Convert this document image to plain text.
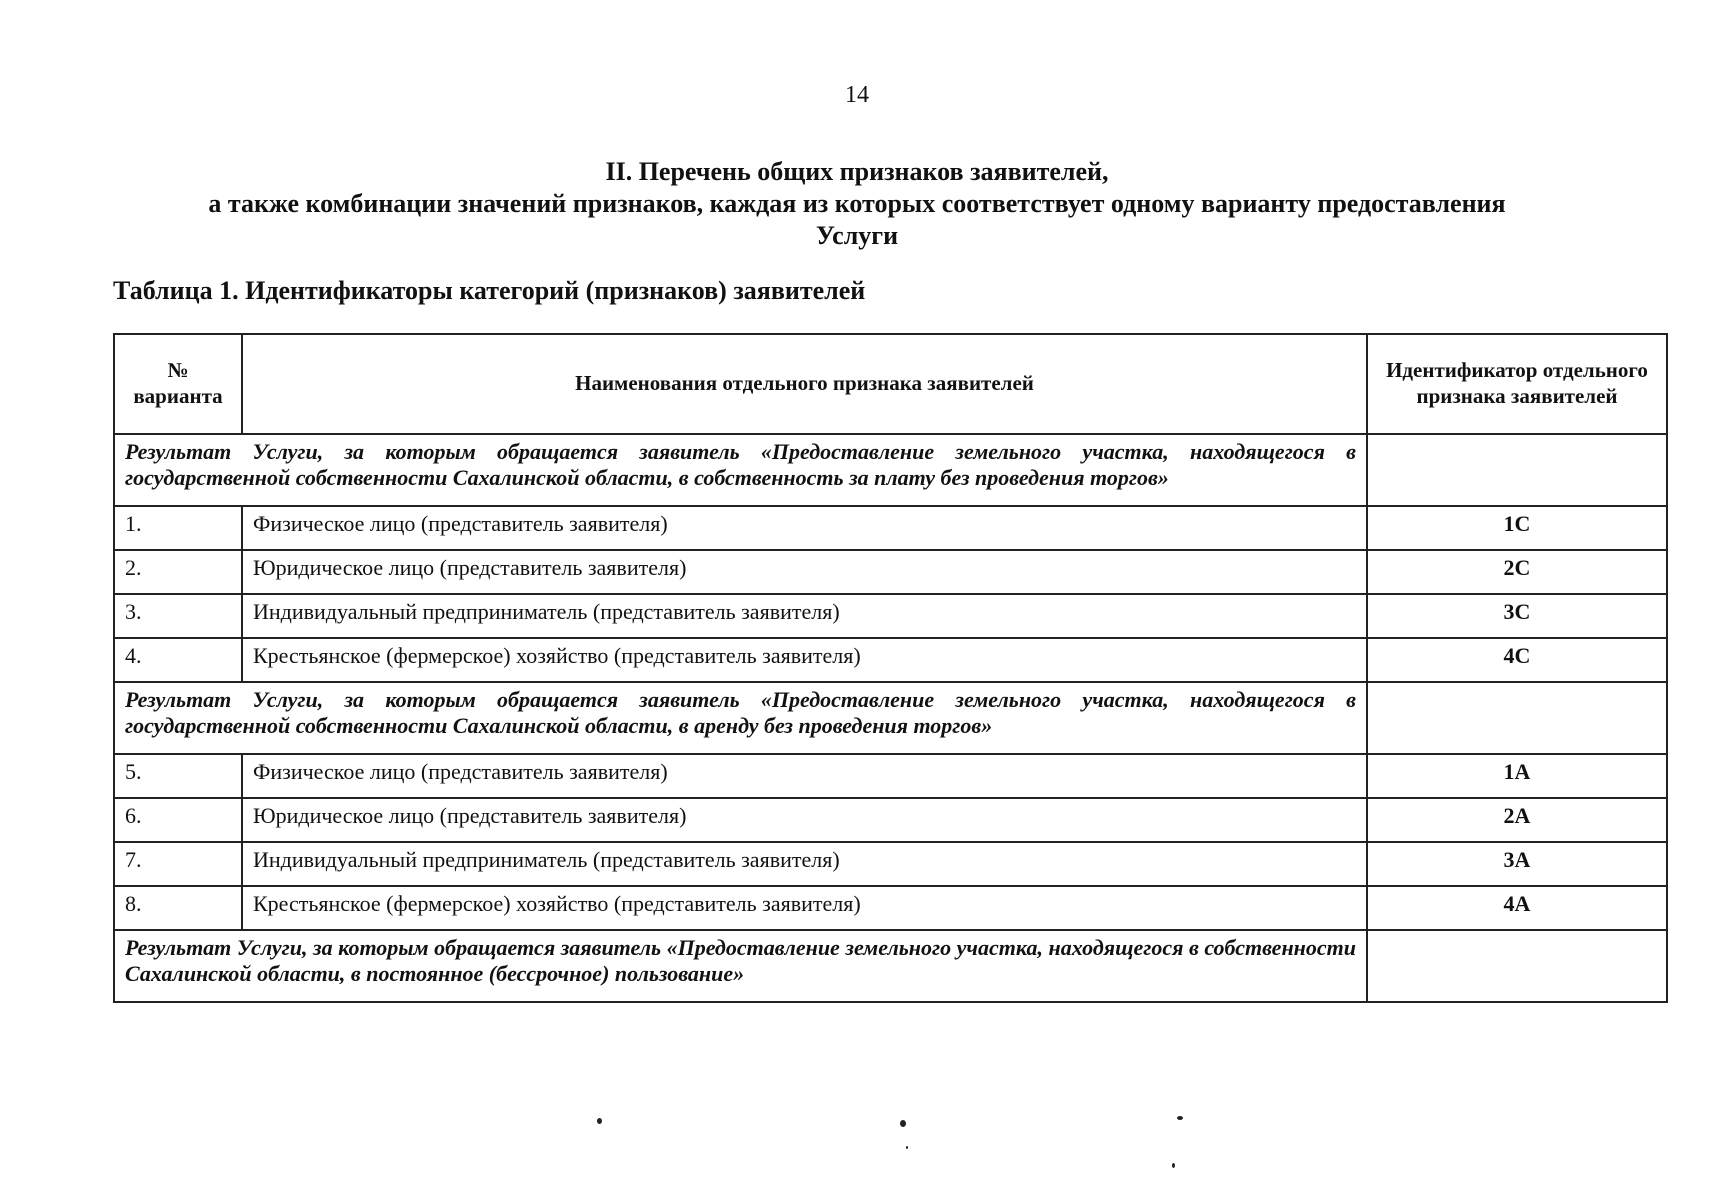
14
II. Перечень общих признаков заявителей,
а также комбинации значений признаков, каждая из которых соответствует одному варианту предоставления
Услуги
Таблица 1. Идентификаторы категорий (признаков) заявителей
№ варианта	Наименования отдельного признака заявителей	Идентификатор отдельного признака заявителей
Результат Услуги, за которым обращается заявитель «Предоставление земельного участка, находящегося в государственной собственности Сахалинской области, в собственность за плату без проведения торгов»		
1.	Физическое лицо (представитель заявителя)	1С
2.	Юридическое лицо (представитель заявителя)	2С
3.	Индивидуальный предприниматель (представитель заявителя)	3С
4.	Крестьянское (фермерское) хозяйство (представитель заявителя)	4С
Результат Услуги, за которым обращается заявитель «Предоставление земельного участка, находящегося в государственной собственности Сахалинской области, в аренду без проведения торгов»		
5.	Физическое лицо (представитель заявителя)	1А
6.	Юридическое лицо (представитель заявителя)	2А
7.	Индивидуальный предприниматель (представитель заявителя)	3А
8.	Крестьянское (фермерское) хозяйство (представитель заявителя)	4А
Результат Услуги, за которым обращается заявитель «Предоставление земельного участка, находящегося в собственности Сахалинской области, в постоянное (бессрочное) пользование»		
